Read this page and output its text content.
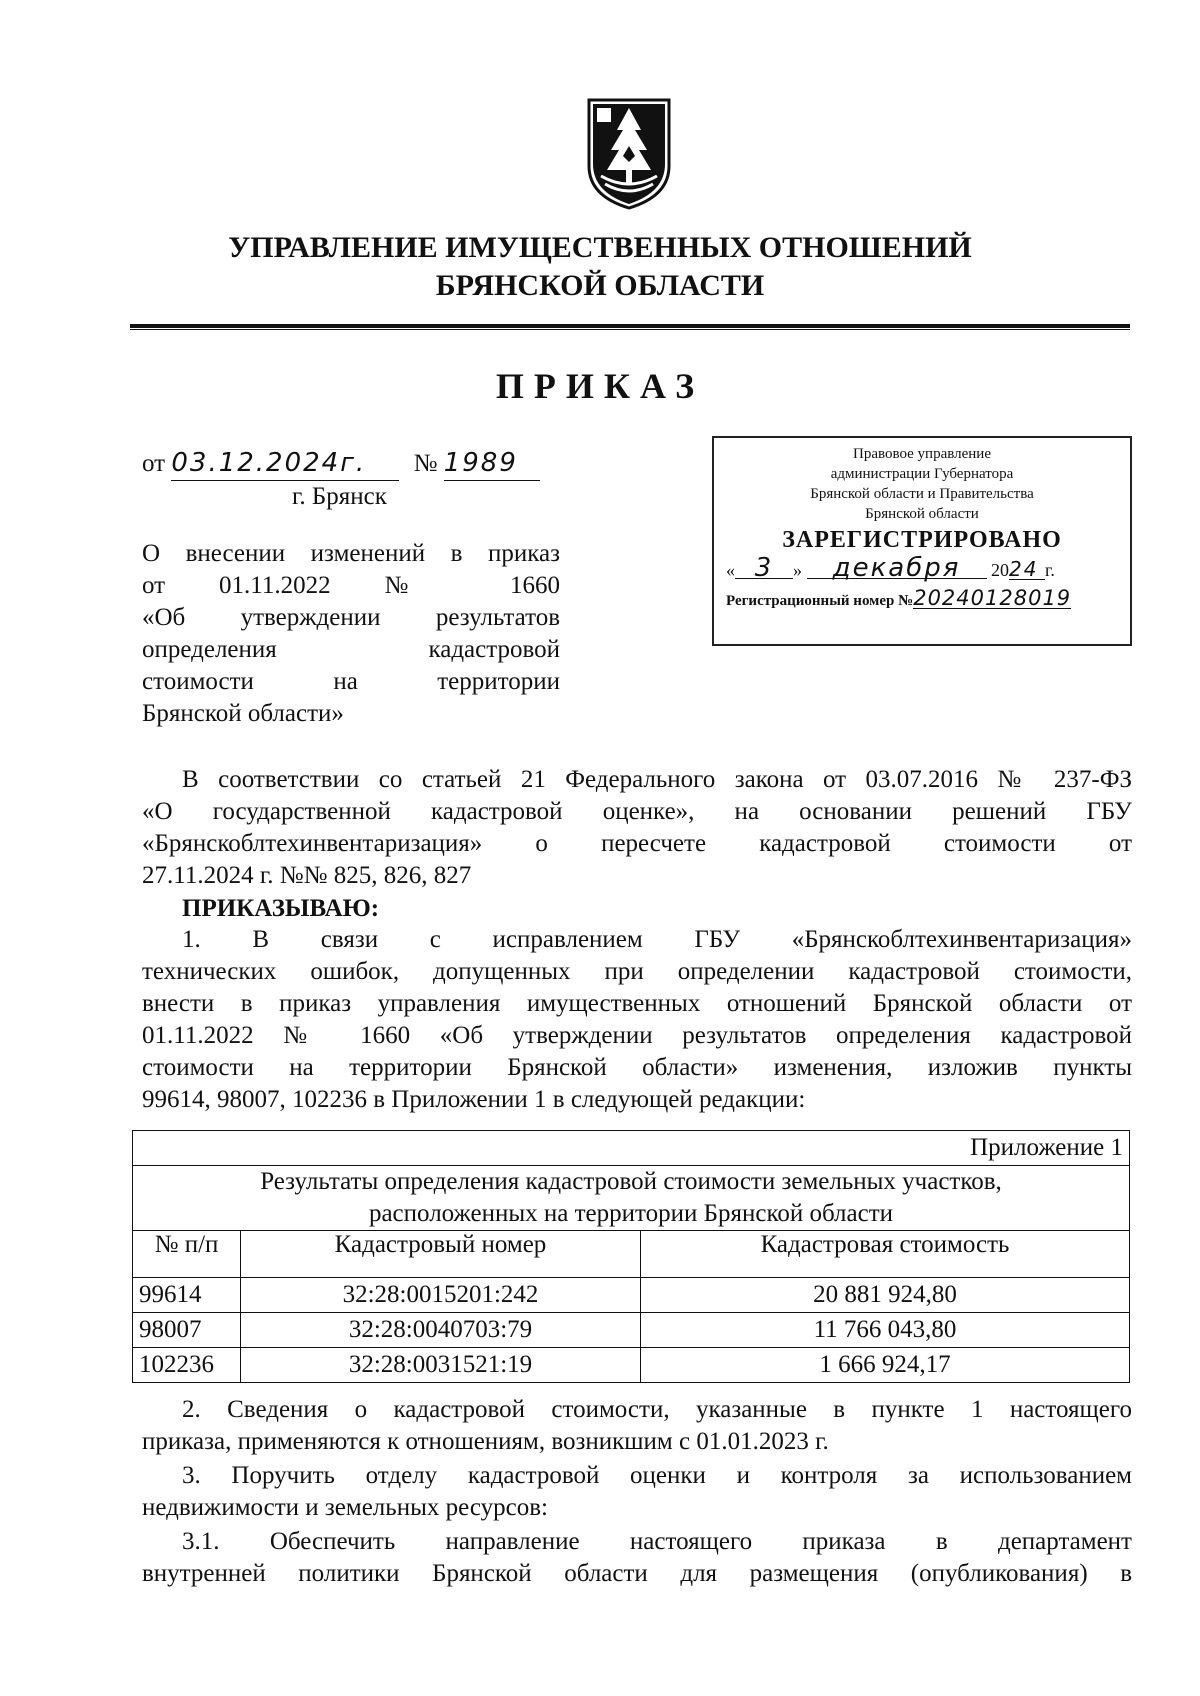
УПРАВЛЕНИЕ ИМУЩЕСТВЕННЫХ ОТНОШЕНИЙ
БРЯНСКОЙ ОБЛАСТИ
ПРИКАЗ
от 03.12.2024г. № 1989
г. Брянск
О внесении изменений в приказ
от 01.11.2022 № 1660
«Об утверждении результатов
определения кадастровой
стоимости на территории
Брянской области»
Правовое управление
администрации Губернатора
Брянской области и Правительства
Брянской области
ЗАРЕГИСТРИРОВАНО
« 3 » декабря 2024 г.
Регистрационный номер №20240128019
В соответствии со статьей 21 Федерального закона от 03.07.2016 № 237-ФЗ
«О государственной кадастровой оценке», на основании решений ГБУ
«Брянскоблтехинвентаризация» о пересчете кадастровой стоимости от
27.11.2024 г. №№ 825, 826, 827
ПРИКАЗЫВАЮ:
1. В связи с исправлением ГБУ «Брянскоблтехинвентаризация»
технических ошибок, допущенных при определении кадастровой стоимости,
внести в приказ управления имущественных отношений Брянской области от
01.11.2022 № 1660 «Об утверждении результатов определения кадастровой
стоимости на территории Брянской области» изменения, изложив пункты
99614, 98007, 102236 в Приложении 1 в следующей редакции:
Приложение 1		

Результаты определения кадастровой стоимости земельных участков,
расположенных на территории Брянской области		

№ п/п	Кадастровый номер	Кадастровая стоимость
99614	32:28:0015201:242	20 881 924,80
98007	32:28:0040703:79	11 766 043,80
102236	32:28:0031521:19	1 666 924,17
2. Сведения о кадастровой стоимости, указанные в пункте 1 настоящего
приказа, применяются к отношениям, возникшим с 01.01.2023 г.
3. Поручить отделу кадастровой оценки и контроля за использованием
недвижимости и земельных ресурсов:
3.1. Обеспечить направление настоящего приказа в департамент
внутренней политики Брянской области для размещения (опубликования) в
